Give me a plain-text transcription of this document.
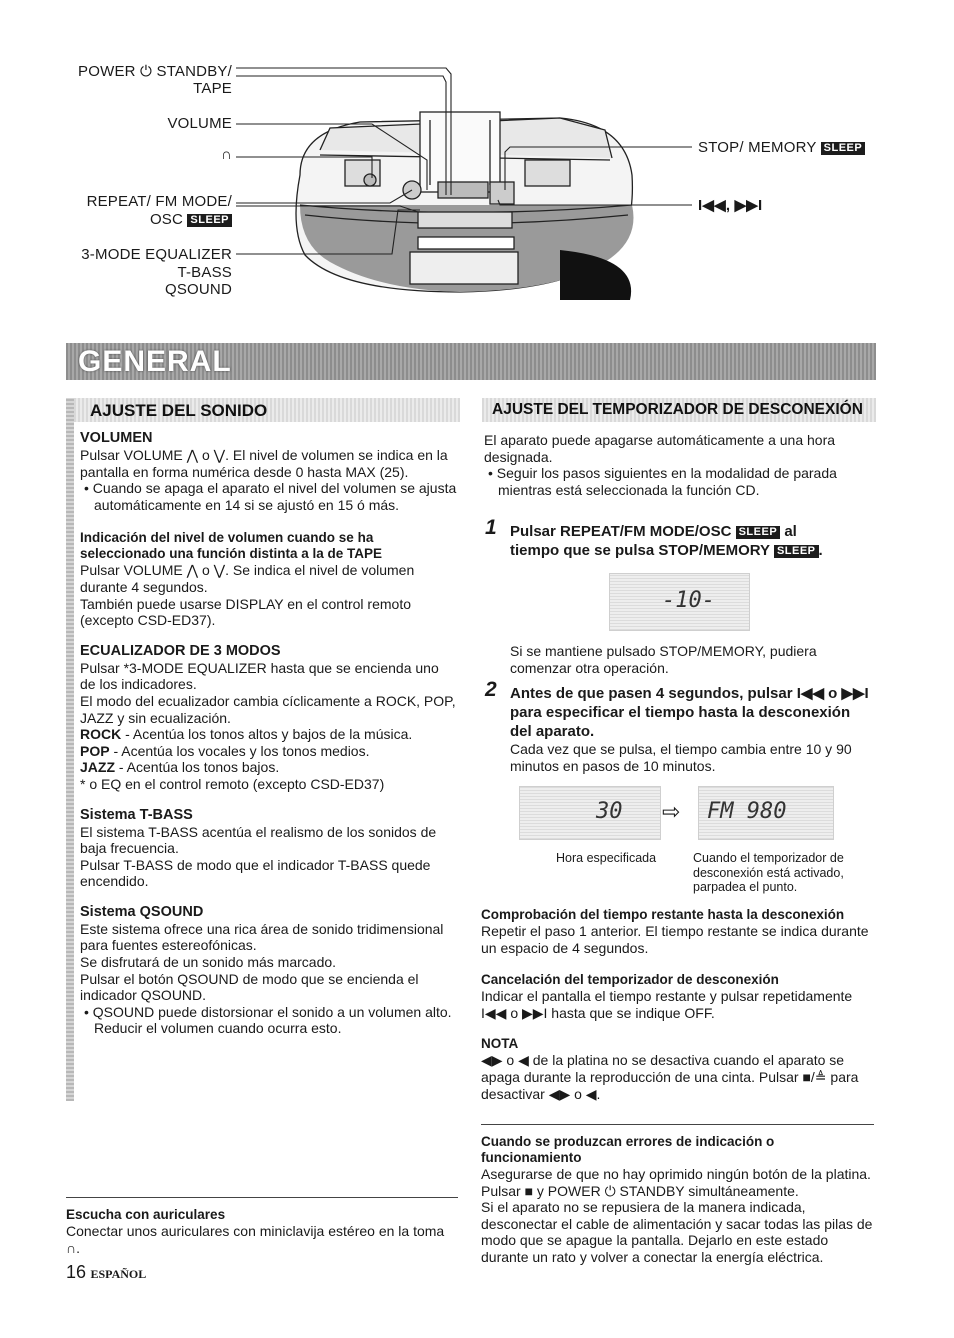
POWER ⏻ STANDBY/
TAPE
VOLUME
∩
REPEAT/ FM MODE/
OSC SLEEP
3-MODE EQUALIZER
T-BASS
QSOUND
STOP/ MEMORY SLEEP
I◀◀, ▶▶I
GENERAL
AJUSTE DEL SONIDO
VOLUMEN

Pulsar VOLUME ⋀ o ⋁. El nivel de volumen se indica en la pantalla en forma numérica desde 0 hasta MAX (25).

• Cuando se apaga el aparato el nivel del volumen se ajusta automáticamente en 14 si se ajustó en 15 ó más.

Indicación del nivel de volumen cuando se ha seleccionado una función distinta a la de TAPE

Pulsar VOLUME ⋀ o ⋁. Se indica el nivel de volumen durante 4 segundos.

También puede usarse DISPLAY en el control remoto (excepto CSD-ED37).

ECUALIZADOR DE 3 MODOS

Pulsar *3-MODE EQUALIZER hasta que se encienda uno de los indicadores.

El modo del ecualizador cambia cíclicamente a ROCK, POP, JAZZ y sin ecualización.

ROCK - Acentúa los tonos altos y bajos de la música.

POP - Acentúa los vocales y los tonos medios.

JAZZ - Acentúa los tonos bajos.

* o EQ en el control remoto (excepto CSD-ED37)

Sistema T-BASS

El sistema T-BASS acentúa el realismo de los sonidos de baja frecuencia.

Pulsar T-BASS de modo que el indicador T-BASS quede encendido.

Sistema QSOUND

Este sistema ofrece una rica área de sonido tridimensional para fuentes estereofónicas.

Se disfrutará de un sonido más marcado.

Pulsar el botón QSOUND de modo que se encienda el indicador QSOUND.

• QSOUND puede distorsionar el sonido a un volumen alto. Reducir el volumen cuando ocurra esto.

Escucha con auriculares

Conectar unos auriculares con miniclavija estéreo en la toma ∩.

16 ESPAÑOL
AJUSTE DEL TEMPORIZADOR DE DESCONEXIÓN

El aparato puede apagarse automáticamente a una hora designada.

• Seguir los pasos siguientes en la modalidad de parada mientras está seleccionada la función CD.

1 Pulsar REPEAT/FM MODE/OSC SLEEP al
tiempo que se pulsa STOP/MEMORY SLEEP .
-10-

Si se mantiene pulsado STOP/MEMORY, pudiera comenzar otra operación.

2 Antes de que pasen 4 segundos, pulsar I◀◀ o ▶▶I para especificar el tiempo hasta la desconexión del aparato.

Cada vez que se pulsa, el tiempo cambia entre 10 y 90 minutos en pasos de 10 minutos.

30 ⇨ FM 980
Hora especificada	Cuando el temporizador de desconexión está activado, parpadea el punto.
Comprobación del tiempo restante hasta la desconexión

Repetir el paso 1 anterior. El tiempo restante se indica durante un espacio de 4 segundos.

Cancelación del temporizador de desconexión

Indicar el pantalla el tiempo restante y pulsar repetidamente I◀◀ o ▶▶I hasta que se indique OFF.

NOTA

◀▶ o ◀ de la platina no se desactiva cuando el aparato se apaga durante la reproducción de una cinta. Pulsar ■/≜ para desactivar ◀▶ o ◀.

Cuando se produzcan errores de indicación o funcionamiento

Asegurarse de que no hay oprimido ningún botón de la platina.

Pulsar ■ y POWER ⏻ STANDBY simultáneamente.

Si el aparato no se repusiera de la manera indicada, desconectar el cable de alimentación y sacar todas las pilas de modo que se apague la pantalla. Dejarlo en este estado durante un rato y volver a conectar la energía eléctrica.
